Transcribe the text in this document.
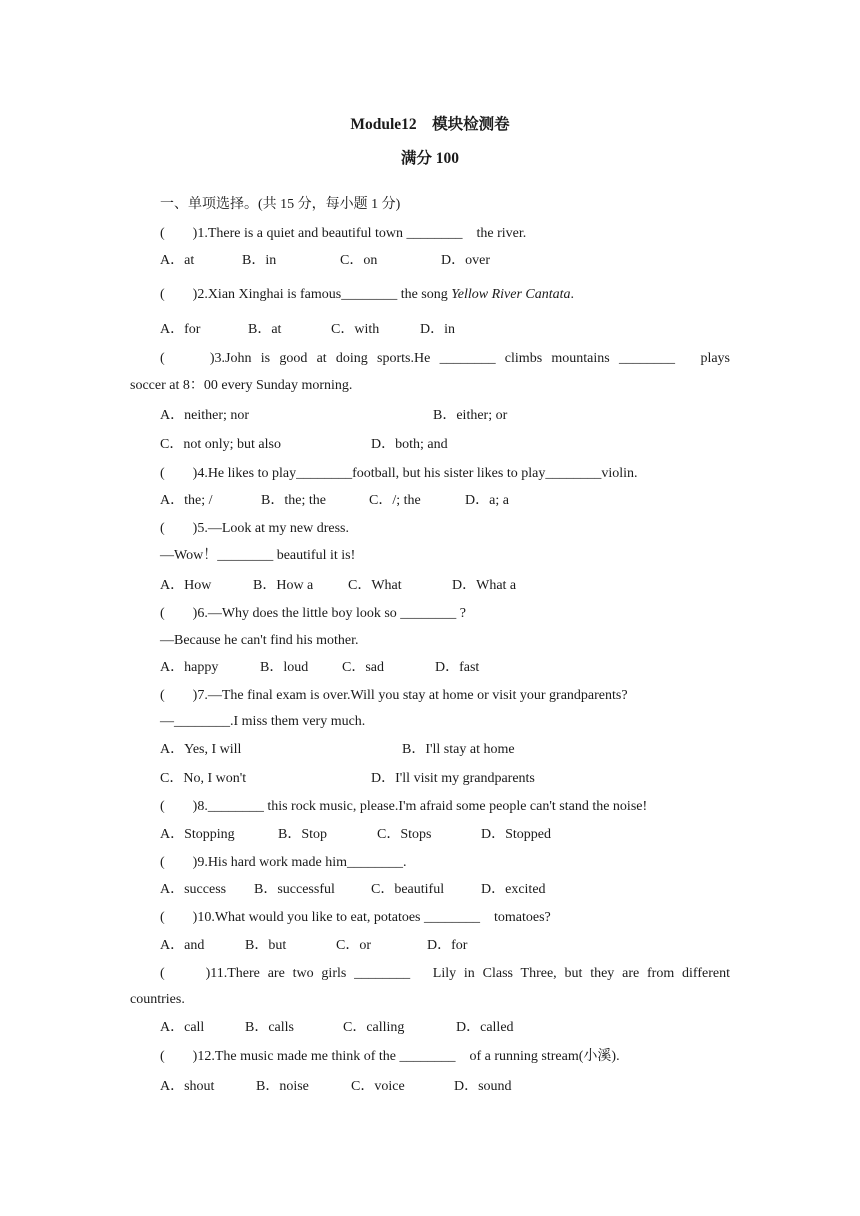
Module12　模块检测卷
满分 100
一、单项选择。(共 15 分，每小题 1 分)
(　　)1.There is a quiet and beautiful town ________　the river.
A．at	B．in	C．on	D．over
(　　)2.Xian Xinghai is famous________ the song Yellow River Cantata.
A．for	B．at	C．with	D．in
(　　)3.John is good at doing sports.He ________ climbs mountains ________　plays
soccer at 8：00 every Sunday morning.
A．neither; nor	B．either; or
C．not only; but also	D．both; and
(　　)4.He likes to play________football, but his sister likes to play________violin.
A．the; /	B．the; the	C．/; the	D．a; a
(　　)5.—Look at my new dress.
—Wow！________ beautiful it is!
A．How	B．How a C．What	D．What a
(　　)6.—Why does the little boy look so ________ ?
—Because he can't find his mother.
A．happy	B．loud C．sad	D．fast
(　　)7.—The final exam is over.Will you stay at home or visit your grandparents?
—________.I miss them very much.
A．Yes, I will	B．I'll stay at home
C．No, I won't	D．I'll visit my grandparents
(　　)8.________ this rock music, please.I'm afraid some people can't stand the noise!
A．Stopping	B．Stop	C．Stops	D．Stopped
(　　)9.His hard work made him________.
A．success B．successful	C．beautiful	D．excited
(　　)10.What would you like to eat, potatoes ________　tomatoes?
A．and	B．but	C．or	D．for
(　　)11.There are two girls ________　Lily in Class Three, but they are from different
countries.
A．call	B．calls	C．calling	D．called
(　　)12.The music made me think of the ________　of a running stream(小溪).
A．shout	B．noise	C．voice	D．sound
